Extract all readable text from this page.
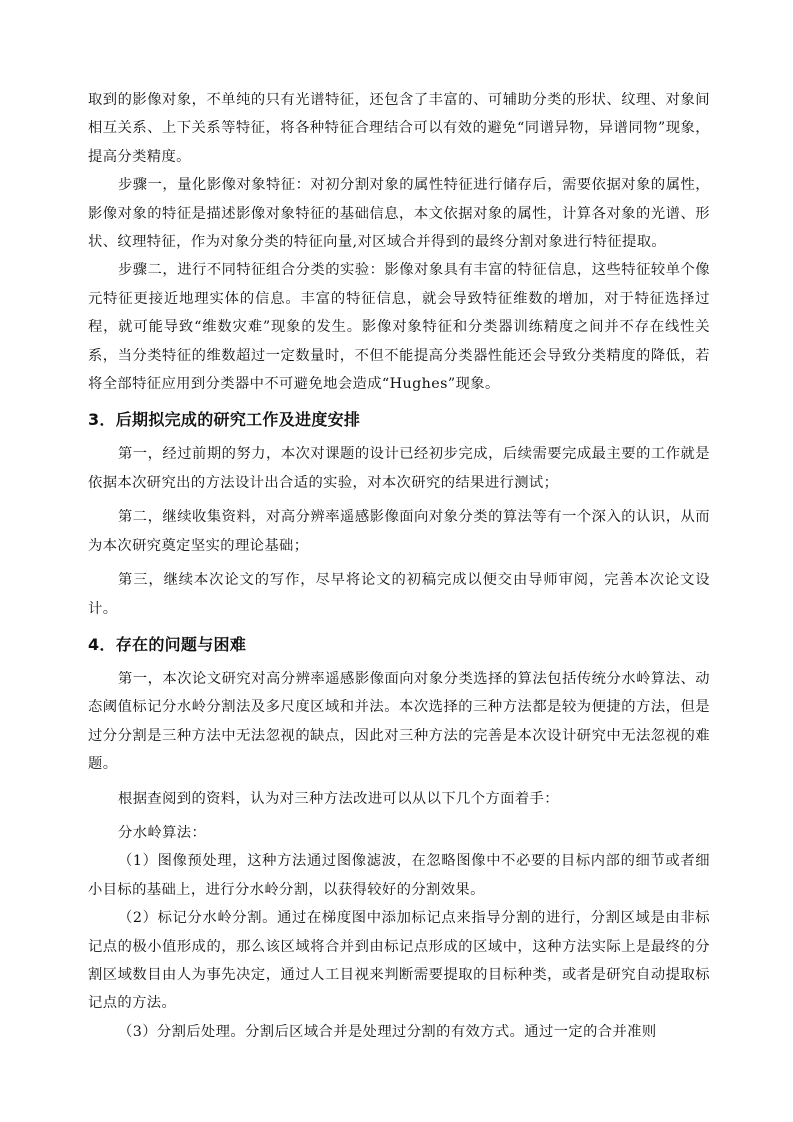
取到的影像对象，不单纯的只有光谱特征，还包含了丰富的、可辅助分类的形状、纹理、对象间相互关系、上下关系等特征，将各种特征合理结合可以有效的避免“同谱异物，异谱同物”现象，提高分类精度。

步骤一，量化影像对象特征：对初分割对象的属性特征进行储存后，需要依据对象的属性，影像对象的特征是描述影像对象特征的基础信息，本文依据对象的属性，计算各对象的光谱、形状、纹理特征，作为对象分类的特征向量,对区域合并得到的最终分割对象进行特征提取。

步骤二，进行不同特征组合分类的实验：影像对象具有丰富的特征信息，这些特征较单个像元特征更接近地理实体的信息。丰富的特征信息，就会导致特征维数的增加，对于特征选择过程，就可能导致“维数灾难”现象的发生。影像对象特征和分类器训练精度之间并不存在线性关系，当分类特征的维数超过一定数量时，不但不能提高分类器性能还会导致分类精度的降低，若将全部特征应用到分类器中不可避免地会造成“Hughes”现象。

3．后期拟完成的研究工作及进度安排

第一，经过前期的努力，本次对课题的设计已经初步完成，后续需要完成最主要的工作就是依据本次研究出的方法设计出合适的实验，对本次研究的结果进行测试；

第二，继续收集资料，对高分辨率遥感影像面向对象分类的算法等有一个深入的认识，从而为本次研究奠定坚实的理论基础；

第三，继续本次论文的写作，尽早将论文的初稿完成以便交由导师审阅，完善本次论文设计。

4．存在的问题与困难

第一，本次论文研究对高分辨率遥感影像面向对象分类选择的算法包括传统分水岭算法、动态阈值标记分水岭分割法及多尺度区域和并法。本次选择的三种方法都是较为便捷的方法，但是过分分割是三种方法中无法忽视的缺点，因此对三种方法的完善是本次设计研究中无法忽视的难题。

根据查阅到的资料，认为对三种方法改进可以从以下几个方面着手：

分水岭算法：

（1）图像预处理，这种方法通过图像滤波，在忽略图像中不必要的目标内部的细节或者细小目标的基础上，进行分水岭分割，以获得较好的分割效果。

（2）标记分水岭分割。通过在梯度图中添加标记点来指导分割的进行，分割区域是由非标记点的极小值形成的，那么该区域将合并到由标记点形成的区域中，这种方法实际上是最终的分割区域数目由人为事先决定，通过人工目视来判断需要提取的目标种类，或者是研究自动提取标记点的方法。

（3）分割后处理。分割后区域合并是处理过分割的有效方式。通过一定的合并准则
